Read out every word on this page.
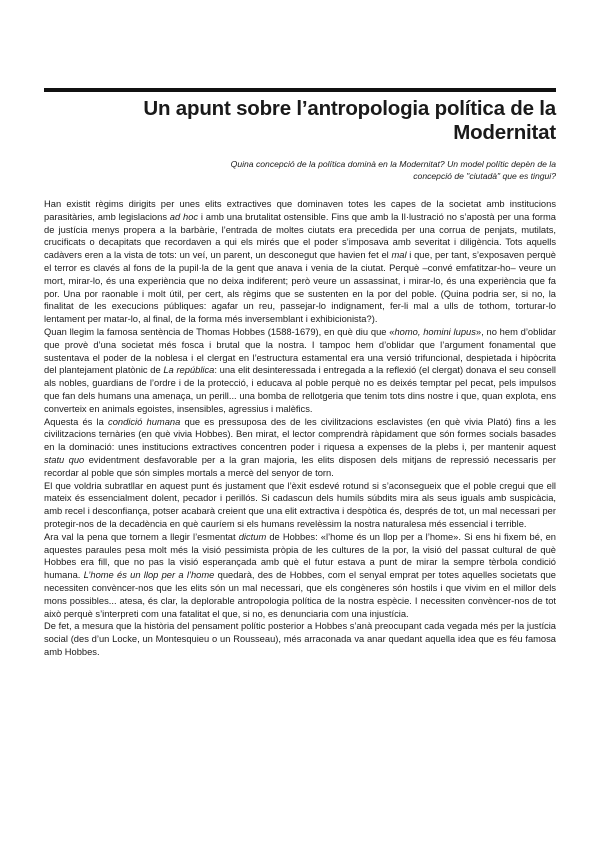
Un apunt sobre l’antropologia política de la Modernitat

Quina concepció de la política dominà en la Modernitat? Un model polític depèn de la concepció de "ciutadà" que es tingui?

Han existit règims dirigits per unes elits extractives que dominaven totes les capes de la societat amb institucions parasitàries, amb legislacions ad hoc i amb una brutalitat ostensible. Fins que amb la Il·lustració no s’apostà per una forma de justícia menys propera a la barbàrie, l’entrada de moltes ciutats era precedida per una corrua de penjats, mutilats, crucificats o decapitats que recordaven a qui els mirés que el poder s’imposava amb severitat i diligència. Tots aquells cadàvers eren a la vista de tots: un veí, un parent, un desconegut que havien fet el mal i que, per tant, s’exposaven perquè el terror es clavés al fons de la pupil·la de la gent que anava i venia de la ciutat. Perquè –convé emfatitzar-ho– veure un mort, mirar-lo, és una experiència que no deixa indiferent; però veure un assassinat, i mirar-lo, és una experiència que fa por. Una por raonable i molt útil, per cert, als règims que se sustenten en la por del poble. (Quina podria ser, si no, la finalitat de les execucions públiques: agafar un reu, passejar-lo indignament, fer-li mal a ulls de tothom, torturar-lo lentament per matar-lo, al final, de la forma més inversemblant i exhibicionista?).

Quan llegim la famosa sentència de Thomas Hobbes (1588-1679), en què diu que «homo, homini lupus», no hem d’oblidar que provè d’una societat més fosca i brutal que la nostra. I tampoc hem d’oblidar que l’argument fonamental que sustentava el poder de la noblesa i el clergat en l’estructura estamental era una versió trifuncional, despietada i hipòcrita del plantejament platònic de La república: una elit desinteressada i entregada a la reflexió (el clergat) donava el seu consell als nobles, guardians de l’ordre i de la protecció, i educava al poble perquè no es deixés temptar pel pecat, pels impulsos que fan dels humans una amenaça, un perill... una bomba de rellotgeria que tenim tots dins nostre i que, quan explota, ens converteix en animals egoistes, insensibles, agressius i malèfics.

Aquesta és la condició humana que es pressuposa des de les civilitzacions esclavistes (en què vivia Plató) fins a les civilitzacions ternàries (en què vivia Hobbes). Ben mirat, el lector comprendrà ràpidament que són formes socials basades en la dominació: unes institucions extractives concentren poder i riquesa a expenses de la plebs i, per mantenir aquest statu quo evidentment desfavorable per a la gran majoria, les elits disposen dels mitjans de repressió necessaris per recordar al poble que són simples mortals a mercè del senyor de torn.

El que voldria subratllar en aquest punt és justament que l’èxit esdevé rotund si s’aconsegueix que el poble cregui que ell mateix és essencialment dolent, pecador i perillós. Si cadascun dels humils súbdits mira als seus iguals amb suspicàcia, amb recel i desconfiança, potser acabarà creient que una elit extractiva i despòtica és, després de tot, un mal necessari per protegir-nos de la decadència en què cauríem si els humans revelèssim la nostra naturalesa més essencial i terrible.

Ara val la pena que tornem a llegir l’esmentat dictum de Hobbes: «l’home és un llop per a l’home». Si ens hi fixem bé, en aquestes paraules pesa molt més la visió pessimista pròpia de les cultures de la por, la visió del passat cultural de què Hobbes era fill, que no pas la visió esperançada amb què el futur estava a punt de mirar la sempre tèrbola condició humana. L’home és un llop per a l’home quedarà, des de Hobbes, com el senyal emprat per totes aquelles societats que necessiten convèncer-nos que les elits són un mal necessari, que els congèneres són hostils i que vivim en el millor dels mons possibles... atesa, és clar, la deplorable antropologia política de la nostra espècie. I necessiten convèncer-nos de tot això perquè s’interpreti com una fatalitat el que, si no, es denunciaria com una injustícia.

De fet, a mesura que la història del pensament polític posterior a Hobbes s’anà preocupant cada vegada més per la justícia social (des d’un Locke, un Montesquieu o un Rousseau), més arraconada va anar quedant aquella idea que es féu famosa amb Hobbes.
